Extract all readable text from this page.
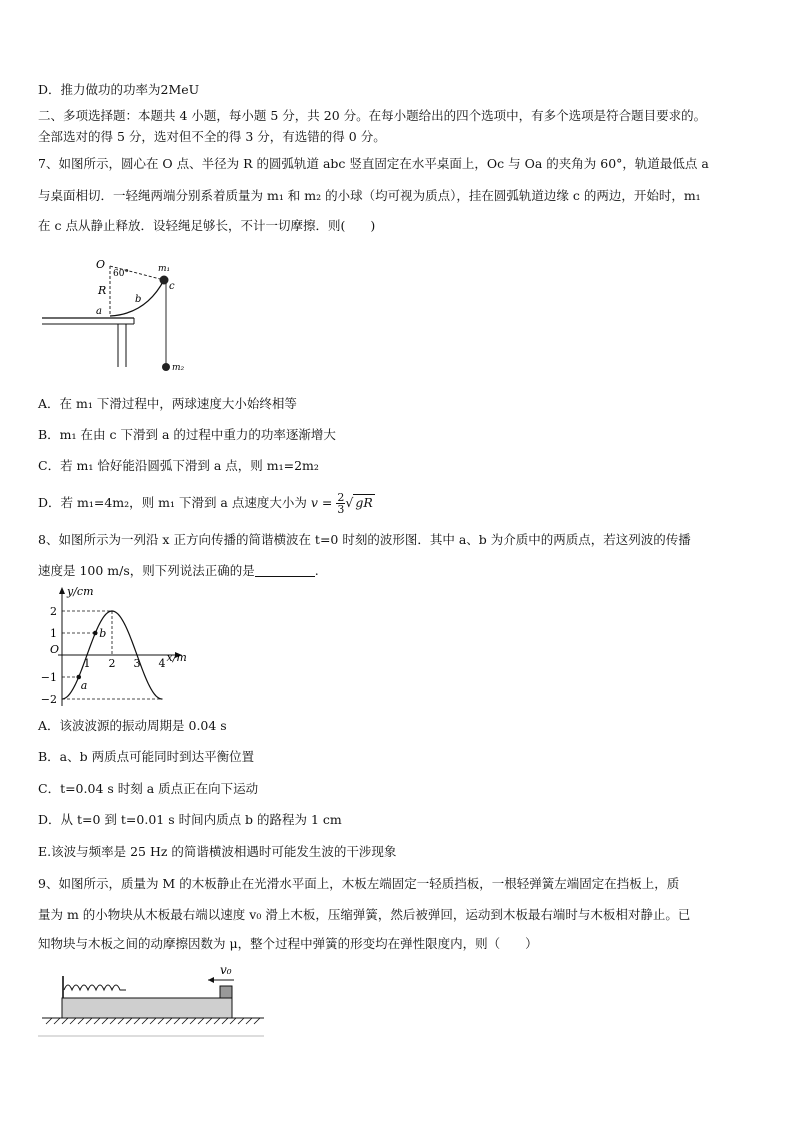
D．推力做功的功率为2MeU
二、多项选择题：本题共 4 小题，每小题 5 分，共 20 分。在每小题给出的四个选项中，有多个选项是符合题目要求的。
全部选对的得 5 分，选对但不全的得 3 分，有选错的得 0 分。
7、如图所示，圆心在 O 点、半径为 R 的圆弧轨道 abc 竖直固定在水平桌面上，Oc 与 Oa 的夹角为 60°，轨道最低点 a
与桌面相切．一轻绳两端分别系着质量为 m₁ 和 m₂ 的小球（均可视为质点），挂在圆弧轨道边缘 c 的两边，开始时，m₁
在 c 点从静止释放．设轻绳足够长，不计一切摩擦．则(　　)
O
60°
R
m₁
c
b
a
m₂
A．在 m₁ 下滑过程中，两球速度大小始终相等
B．m₁ 在由 c 下滑到 a 的过程中重力的功率逐渐增大
C．若 m₁ 恰好能沿圆弧下滑到 a 点，则 m₁=2m₂
D．若 m₁=4m₂，则 m₁ 下滑到 a 点速度大小为 $v = \frac{2}{3}$ √ gR
8、如图所示为一列沿 x 正方向传播的简谐横波在 t=0 时刻的波形图．其中 a、b 为介质中的两质点，若这列波的传播
速度是 100 m/s，则下列说法正确的是	.
y/cm
x/m
O
2
1
−1
−2
1 2 3 4
a
b
A．该波波源的振动周期是 0.04 s
B．a、b 两质点可能同时到达平衡位置
C．t=0.04 s 时刻 a 质点正在向下运动
D．从 t=0 到 t=0.01 s 时间内质点 b 的路程为 1 cm
E.该波与频率是 25 Hz 的简谐横波相遇时可能发生波的干涉现象
9、如图所示，质量为 M 的木板静止在光滑水平面上，木板左端固定一轻质挡板，一根轻弹簧左端固定在挡板上，质
量为 m 的小物块从木板最右端以速度 v₀ 滑上木板，压缩弹簧，然后被弹回，运动到木板最右端时与木板相对静止。已
知物块与木板之间的动摩擦因数为 μ，整个过程中弹簧的形变均在弹性限度内，则（　　）
v₀
